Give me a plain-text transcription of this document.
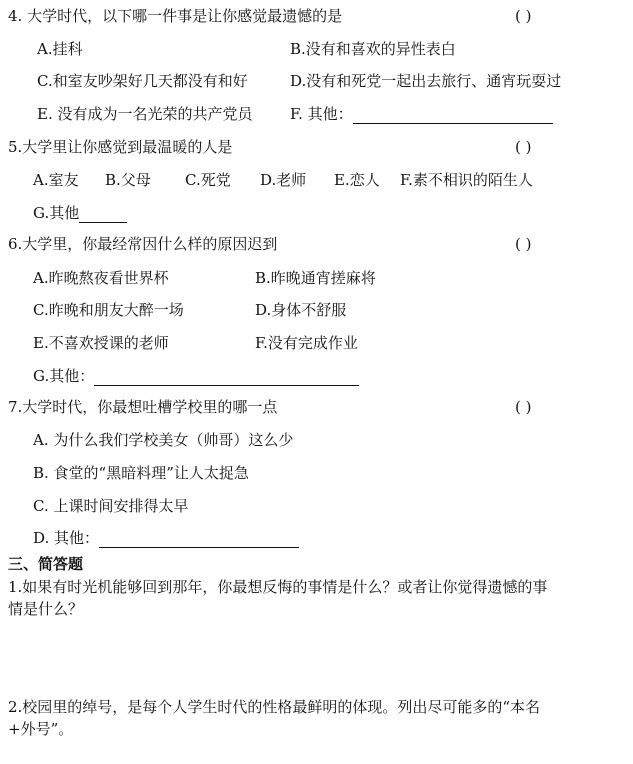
4. 大学时代，以下哪一件事是让你感觉最遗憾的是	( )
A.挂科	B.没有和喜欢的异性表白
C.和室友吵架好几天都没有和好	D.没有和死党一起出去旅行、通宵玩耍过
E. 没有成为一名光荣的共产党员	F. 其他：
5.大学里让你感觉到最温暖的人是	( )
A.室友 B.父母 C.死党 D.老师 E.恋人 F.素不相识的陌生人
G.其他
6.大学里，你最经常因什么样的原因迟到	( )
A.昨晚熬夜看世界杯	B.昨晚通宵搓麻将
C.昨晚和朋友大醉一场	D.身体不舒服
E.不喜欢授课的老师	F.没有完成作业
G.其他：
7.大学时代，你最想吐槽学校里的哪一点	( )
A. 为什么我们学校美女（帅哥）这么少
B. 食堂的“黑暗料理”让人太捉急
C. 上课时间安排得太早
D. 其他：
三、简答题
1.如果有时光机能够回到那年，你最想反悔的事情是什么？或者让你觉得遗憾的事
情是什么？
2.校园里的绰号，是每个人学生时代的性格最鲜明的体现。列出尽可能多的“本名
+外号”。
